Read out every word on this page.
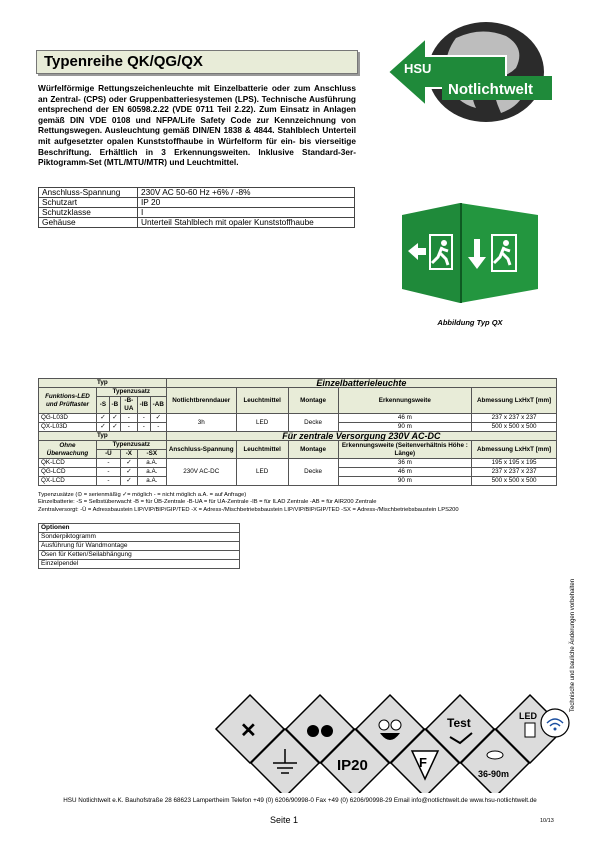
Typenreihe QK/QG/QX	HSU
Notlichtwelt
Würfelförmige Rettungszeichenleuchte mit Einzelbatterie oder zum Anschluss an Zentral- (CPS) oder Gruppenbatteriesystemen (LPS). Technische Ausführung entsprechend der EN 60598.2.22 (VDE 0711 Teil 2.22). Zum Einsatz in Anlagen gemäß DIN VDE 0108 und NFPA/Life Safety Code zur Kennzeichnung von Rettungswegen. Ausleuchtung gemäß DIN/EN 1838 & 4844. Stahlblech Unterteil mit aufgesetzter opalen Kunststoffhaube in Würfelform für ein- bis vierseitige Beschriftung. Erhältlich in 3 Erkennungsweiten. Inklusive Standard-3er-Piktogramm-Set (MTL/MTU/MTR) und Leuchtmittel.
Anschluss-Spannung	230V AC 50-60 Hz +6% / -8%
Schutzart	IP 20
Schutzklasse	I
Gehäuse	Unterteil Stahlblech mit opaler Kunststoffhaube
Abbildung Typ QX
Typ						Einzelbatterieleuchte				
Funktions-LED und Prüftaster	Typenzusatz					Notlichtbrenndauer	Leuchtmittel	Montage	Erkennungsweite	Abmessung LxHxT [mm]
	-S	-B	-B-UA	-IB	-AB					
QG-L03D	✓	✓	-	-	✓	3h	LED	Decke	46 m	237 x 237 x 237
QX-L03D	✓	✓	-	-	-				90 m	500 x 500 x 500
Typ						Für zentrale Versorgung 230V AC-DC				
Ohne Überwachung	Typenzusatz					Anschluss-Spannung	Leuchtmittel	Montage	Erkennungsweite (Seitenverhältnis Höhe : Länge)	Abmessung LxHxT [mm]
	-Ü		-X	-SX						
QK-LCD	-		✓	a.A.		230V AC-DC	LED	Decke	36 m	195 x 195 x 195
QG-LCD	-		✓	a.A.					46 m	237 x 237 x 237
QX-LCD	-		✓	a.A.					90 m	500 x 500 x 500
Typenzusätze (⊙ = serienmäßig ✓= möglich - = nicht möglich a.A. = auf Anfrage)
Einzelbatterie: -S = Selbstüberwacht -B = für ÜB-Zentrale -B-UA = für UA-Zentrale -IB = für ILAD Zentrale -AB = für AIR200 Zentrale
Zentralversorgt: -Ü = Adressbaustein LIP/VIP/BIP/GIP/TED -X = Adress-/Mischbetriebsbaustein LIP/VIP/BIP/GIP/TED -SX = Adress-/Mischbetriebsbaustein LPS200
Optionen
Sonderpiktogramm
Ausführung für Wandmontage
Ösen für Ketten/Seilabhängung
Einzelpendel
Technische und bauliche Änderungen vorbehalten
✕	Test	LED
IP20	F
36-90m
HSU Notlichtwelt e.K. Bauhofstraße 28 68623 Lampertheim Telefon +49 (0) 6206/90998-0 Fax +49 (0) 6206/90998-29 Email info@notlichtwelt.de www.hsu-notlichtwelt.de
Seite 1	10/13
